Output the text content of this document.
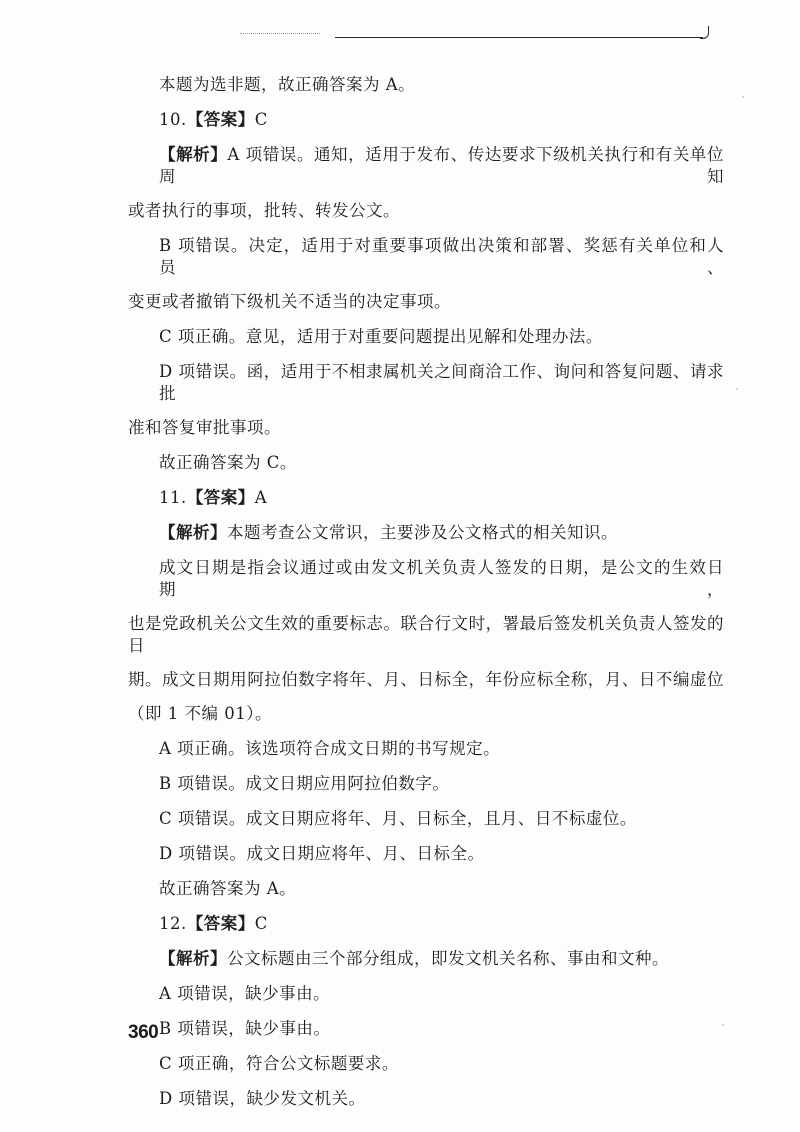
本题为选非题，故正确答案为 A。
10.【答案】C
【解析】A 项错误。通知，适用于发布、传达要求下级机关执行和有关单位周知
或者执行的事项，批转、转发公文。
B 项错误。决定，适用于对重要事项做出决策和部署、奖惩有关单位和人员、
变更或者撤销下级机关不适当的决定事项。
C 项正确。意见，适用于对重要问题提出见解和处理办法。
D 项错误。函，适用于不相隶属机关之间商洽工作、询问和答复问题、请求批
准和答复审批事项。
故正确答案为 C。
11.【答案】A
【解析】本题考查公文常识，主要涉及公文格式的相关知识。
成文日期是指会议通过或由发文机关负责人签发的日期，是公文的生效日期，
也是党政机关公文生效的重要标志。联合行文时，署最后签发机关负责人签发的日
期。成文日期用阿拉伯数字将年、月、日标全，年份应标全称，月、日不编虚位
（即 1 不编 01）。
A 项正确。该选项符合成文日期的书写规定。
B 项错误。成文日期应用阿拉伯数字。
C 项错误。成文日期应将年、月、日标全，且月、日不标虚位。
D 项错误。成文日期应将年、月、日标全。
故正确答案为 A。
12.【答案】C
【解析】公文标题由三个部分组成，即发文机关名称、事由和文种。
A 项错误，缺少事由。
B 项错误，缺少事由。
C 项正确，符合公文标题要求。
D 项错误，缺少发文机关。
360
